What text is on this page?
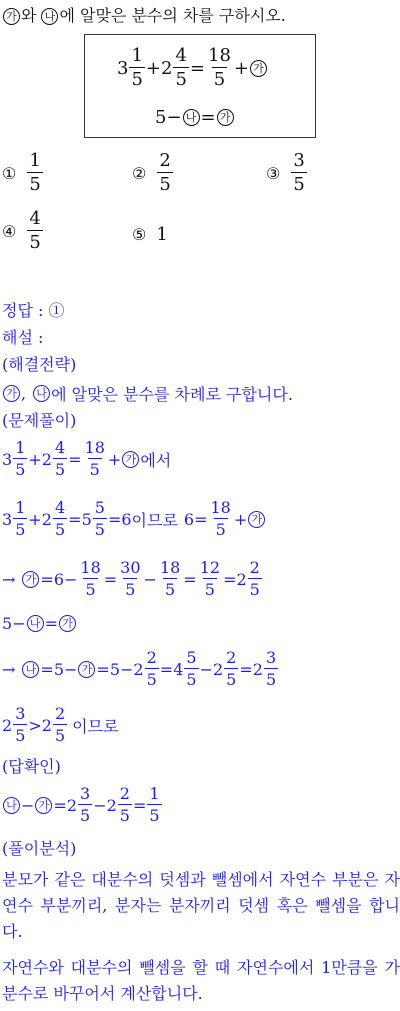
가 와 나 에 알맞은 분수의 차를 구하시오.
$3 \frac{1}{5} + 2 \frac{4}{5} = \frac{18}{5}$ + 가
5 − 나 = 가
① $\frac{1}{5}$	② $\frac{2}{5}$	③ $\frac{3}{5}$
④ $\frac{4}{5}$	⑤ 1
정답 : ①
해설 :
(해결전략)
가 , 나 에 알맞은 분수를 차례로 구합니다.
(문제풀이)
$3 \frac{1}{5} + 2 \frac{4}{5} = \frac{18}{5}$ + 가 에서
$3 \frac{1}{5} + 2 \frac{4}{5} = 5 \frac{5}{5} = 6$ 이므로 $6 = \frac{18}{5}$ + 가
→ 가 = $6 - \frac{18}{5} = \frac{30}{5} - \frac{18}{5} = \frac{12}{5} = 2 \frac{2}{5}$
5 − 나 = 가
→ 나 = 5 − 가 = $5 - 2 \frac{2}{5} = 4 \frac{5}{5} - 2 \frac{2}{5} = 2 \frac{3}{5}$
$2 \frac{3}{5} > 2 \frac{2}{5}$ 이므로
(답확인)
나 − 가 = $2 \frac{3}{5} - 2 \frac{2}{5} = \frac{1}{5}$
(풀이분석)
분모가 같은 대분수의 덧셈과 뺄셈에서 자연수 부분은 자연수 부분끼리, 분자는 분자끼리 덧셈 혹은 뺄셈을 합니다.
자연수와 대분수의 뺄셈을 할 때 자연수에서 1만큼을 가분수로 바꾸어서 계산합니다.
